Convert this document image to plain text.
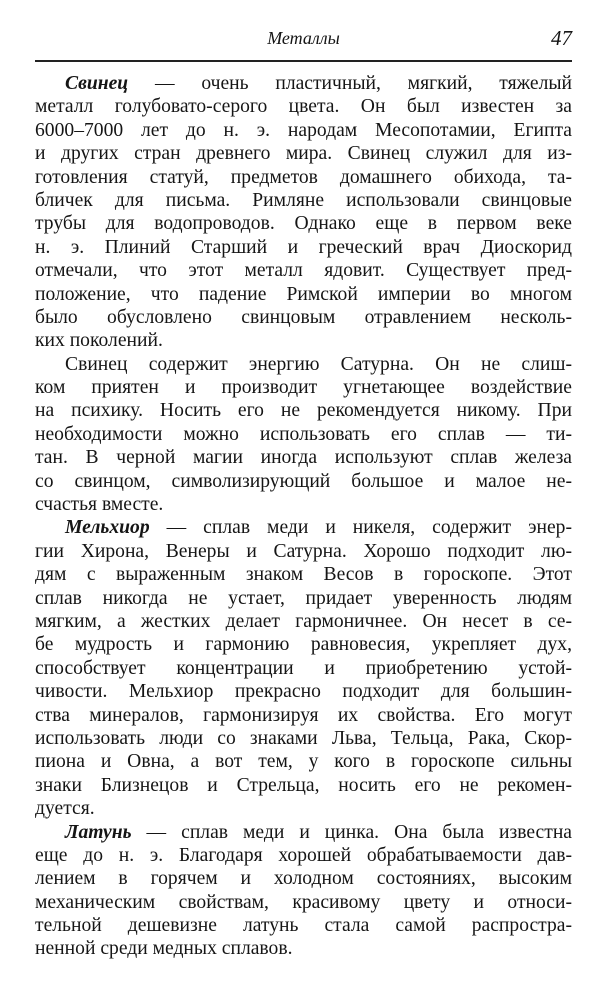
Металлы	47
Свинец — очень пластичный, мягкий, тяжелый
металл голубовато-серого цвета. Он был известен за
6000–7000 лет до н. э. народам Месопотамии, Египта
и других стран древнего мира. Свинец служил для из-
готовления статуй, предметов домашнего обихода, та-
бличек для письма. Римляне использовали свинцовые
трубы для водопроводов. Однако еще в первом веке
н. э. Плиний Старший и греческий врач Диоскорид
отмечали, что этот металл ядовит. Существует пред-
положение, что падение Римской империи во многом
было обусловлено свинцовым отравлением несколь-
ких поколений.
Свинец содержит энергию Сатурна. Он не слиш-
ком приятен и производит угнетающее воздействие
на психику. Носить его не рекомендуется никому. При
необходимости можно использовать его сплав — ти-
тан. В черной магии иногда используют сплав железа
со свинцом, символизирующий большое и малое не-
счастья вместе.
Мельхиор — сплав меди и никеля, содержит энер-
гии Хирона, Венеры и Сатурна. Хорошо подходит лю-
дям с выраженным знаком Весов в гороскопе. Этот
сплав никогда не устает, придает уверенность людям
мягким, а жестких делает гармоничнее. Он несет в се-
бе мудрость и гармонию равновесия, укрепляет дух,
способствует концентрации и приобретению устой-
чивости. Мельхиор прекрасно подходит для большин-
ства минералов, гармонизируя их свойства. Его могут
использовать люди со знаками Льва, Тельца, Рака, Скор-
пиона и Овна, а вот тем, у кого в гороскопе сильны
знаки Близнецов и Стрельца, носить его не рекомен-
дуется.
Латунь — сплав меди и цинка. Она была известна
еще до н. э. Благодаря хорошей обрабатываемости дав-
лением в горячем и холодном состояниях, высоким
механическим свойствам, красивому цвету и относи-
тельной дешевизне латунь стала самой распростра-
ненной среди медных сплавов.
